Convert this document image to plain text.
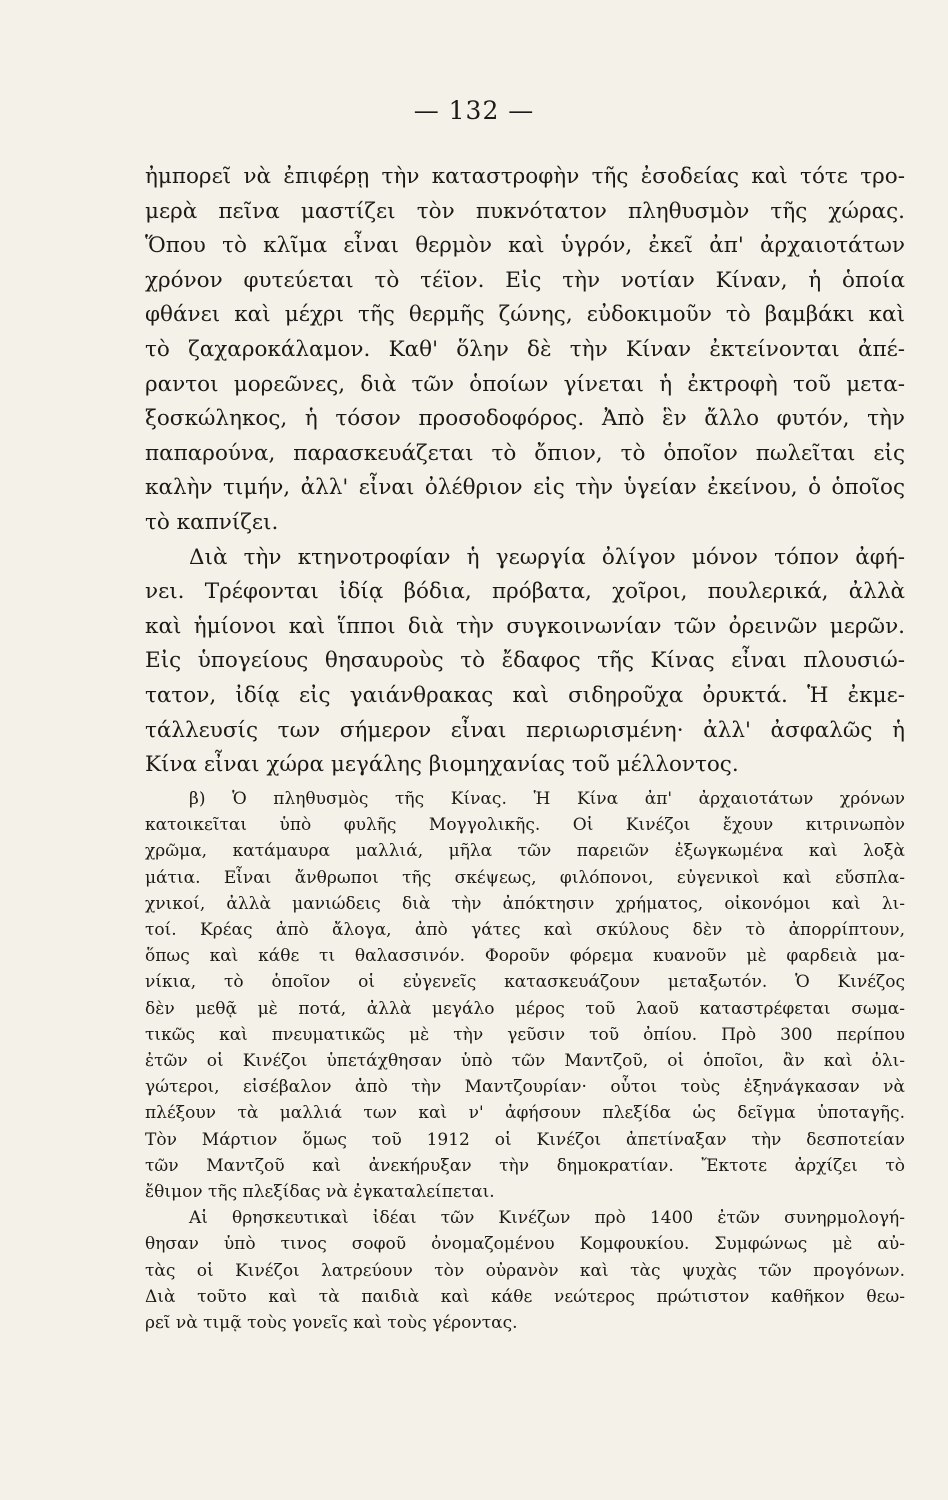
— 132 —
ἠμπορεῖ νὰ ἐπιφέρῃ τὴν καταστροφὴν τῆς ἐσοδείας καὶ τότε τρο-
μερὰ πεῖνα μαστίζει τὸν πυκνότατον πληθυσμὸν τῆς χώρας.
Ὅπου τὸ κλῖμα εἶναι θερμὸν καὶ ὑγρόν, ἐκεῖ ἀπ' ἀρχαιοτάτων
χρόνον φυτεύεται τὸ τέϊον. Εἰς τὴν νοτίαν Κίναν, ἡ ὁποία
φθάνει καὶ μέχρι τῆς θερμῆς ζώνης, εὐδοκιμοῦν τὸ βαμβάκι καὶ
τὸ ζαχαροκάλαμον. Καθ' ὅλην δὲ τὴν Κίναν ἐκτείνονται ἀπέ-
ραντοι μορεῶνες, διὰ τῶν ὁποίων γίνεται ἡ ἐκτροφὴ τοῦ μετα-
ξοσκώληκος, ἡ τόσον προσοδοφόρος. Ἀπὸ ἓν ἄλλο φυτόν, τὴν
παπαρούνα, παρασκευάζεται τὸ ὄπιον, τὸ ὁποῖον πωλεῖται εἰς
καλὴν τιμήν, ἀλλ' εἶναι ὀλέθριον εἰς τὴν ὑγείαν ἐκείνου, ὁ ὁποῖος
τὸ καπνίζει.
Διὰ τὴν κτηνοτροφίαν ἡ γεωργία ὀλίγον μόνον τόπον ἀφή-
νει. Τρέφονται ἰδίᾳ βόδια, πρόβατα, χοῖροι, πουλερικά, ἀλλὰ
καὶ ἡμίονοι καὶ ἵπποι διὰ τὴν συγκοινωνίαν τῶν ὀρεινῶν μερῶν.
Εἰς ὑπογείους θησαυροὺς τὸ ἔδαφος τῆς Κίνας εἶναι πλουσιώ-
τατον, ἰδίᾳ εἰς γαιάνθρακας καὶ σιδηροῦχα ὀρυκτά. Ἡ ἐκμε-
τάλλευσίς των σήμερον εἶναι περιωρισμένη· ἀλλ' ἀσφαλῶς ἡ
Κίνα εἶναι χώρα μεγάλης βιομηχανίας τοῦ μέλλοντος.
β) Ὁ πληθυσμὸς τῆς Κίνας. Ἡ Κίνα ἀπ' ἀρχαιοτάτων χρόνων
κατοικεῖται ὑπὸ φυλῆς Μογγολικῆς. Οἱ Κινέζοι ἔχουν κιτρινωπὸν
χρῶμα, κατάμαυρα μαλλιά, μῆλα τῶν παρειῶν ἐξωγκωμένα καὶ λοξὰ
μάτια. Εἶναι ἄνθρωποι τῆς σκέψεως, φιλόπονοι, εὐγενικοὶ καὶ εὔσπλα-
χνικοί, ἀλλὰ μανιώδεις διὰ τὴν ἀπόκτησιν χρήματος, οἰκονόμοι καὶ λι-
τοί. Κρέας ἀπὸ ἄλογα, ἀπὸ γάτες καὶ σκύλους δὲν τὸ ἀπορρίπτουν,
ὅπως καὶ κάθε τι θαλασσινόν. Φοροῦν φόρεμα κυανοῦν μὲ φαρδειὰ μα-
νίκια, τὸ ὁποῖον οἱ εὐγενεῖς κατασκευάζουν μεταξωτόν. Ὁ Κινέζος
δὲν μεθᾷ μὲ ποτά, ἀλλὰ μεγάλο μέρος τοῦ λαοῦ καταστρέφεται σωμα-
τικῶς καὶ πνευματικῶς μὲ τὴν γεῦσιν τοῦ ὀπίου. Πρὸ 300 περίπου
ἐτῶν οἱ Κινέζοι ὑπετάχθησαν ὑπὸ τῶν Μαντζοῦ, οἱ ὁποῖοι, ἂν καὶ ὀλι-
γώτεροι, εἰσέβαλον ἀπὸ τὴν Μαντζουρίαν· οὗτοι τοὺς ἐξηνάγκασαν νὰ
πλέξουν τὰ μαλλιά των καὶ ν' ἀφήσουν πλεξίδα ὡς δεῖγμα ὑποταγῆς.
Τὸν Μάρτιον ὅμως τοῦ 1912 οἱ Κινέζοι ἀπετίναξαν τὴν δεσποτείαν
τῶν Μαντζοῦ καὶ ἀνεκήρυξαν τὴν δημοκρατίαν. Ἔκτοτε ἀρχίζει τὸ
ἔθιμον τῆς πλεξίδας νὰ ἐγκαταλείπεται.
Αἱ θρησκευτικαὶ ἰδέαι τῶν Κινέζων πρὸ 1400 ἐτῶν συνηρμολογή-
θησαν ὑπὸ τινος σοφοῦ ὀνομαζομένου Κομφουκίου. Συμφώνως μὲ αὐ-
τὰς οἱ Κινέζοι λατρεύουν τὸν οὐρανὸν καὶ τὰς ψυχὰς τῶν προγόνων.
Διὰ τοῦτο καὶ τὰ παιδιὰ καὶ κάθε νεώτερος πρώτιστον καθῆκον θεω-
ρεῖ νὰ τιμᾷ τοὺς γονεῖς καὶ τοὺς γέροντας.
